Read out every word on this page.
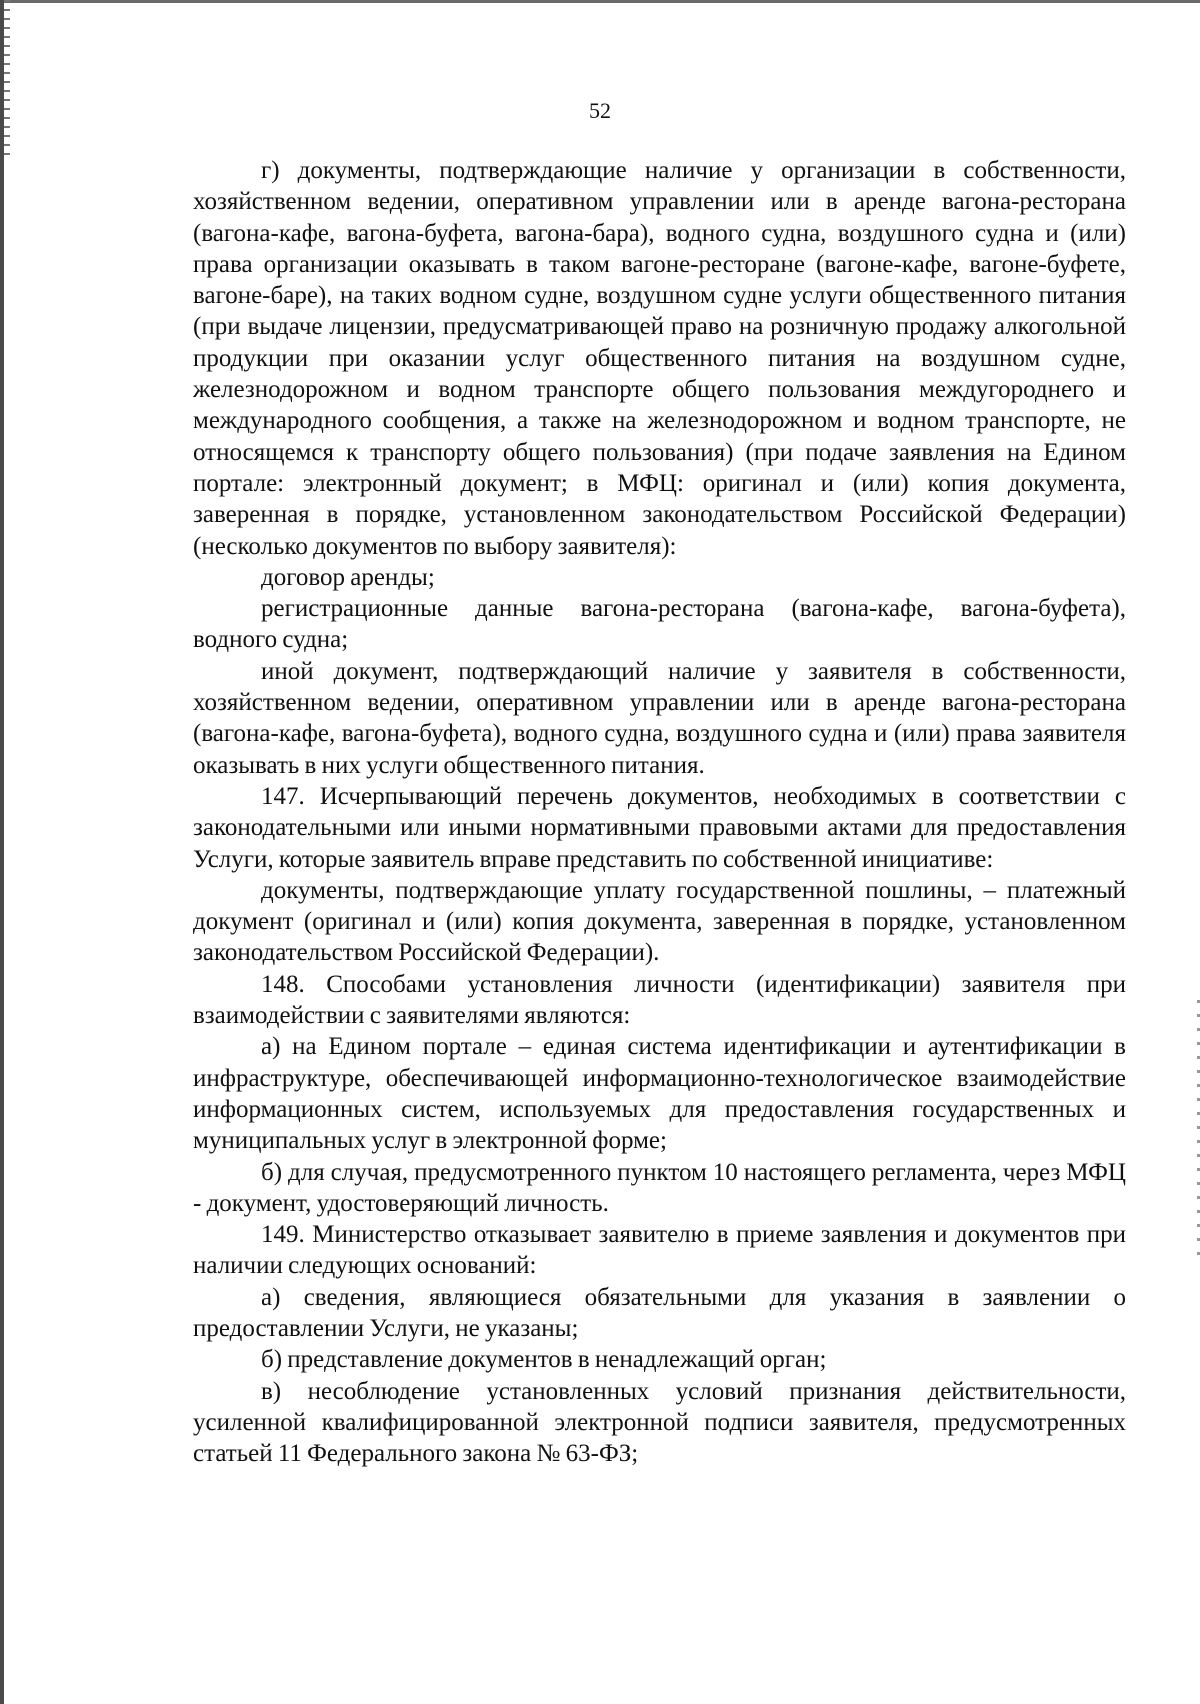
52

г) документы, подтверждающие наличие у организации в собственности, хозяйственном ведении, оперативном управлении или в аренде вагона-ресторана (вагона-кафе, вагона-буфета, вагона-бара), водного судна, воздушного судна и (или) права организации оказывать в таком вагоне-ресторане (вагоне-кафе, вагоне-буфете, вагоне-баре), на таких водном судне, воздушном судне услуги общественного питания (при выдаче лицензии, предусматривающей право на розничную продажу алкогольной продукции при оказании услуг общественного питания на воздушном судне, железнодорожном и водном транспорте общего пользования междугороднего и международного сообщения, а также на железнодорожном и водном транспорте, не относящемся к транспорту общего пользования) (при подаче заявления на Едином портале: электронный документ; в МФЦ: оригинал и (или) копия документа, заверенная в порядке, установленном законодательством Российской Федерации) (несколько документов по выбору заявителя):

договор аренды;

регистрационные данные вагона-ресторана (вагона-кафе, вагона-буфета), водного судна;

иной документ, подтверждающий наличие у заявителя в собственности, хозяйственном ведении, оперативном управлении или в аренде вагона-ресторана (вагона-кафе, вагона-буфета), водного судна, воздушного судна и (или) права заявителя оказывать в них услуги общественного питания.

147. Исчерпывающий перечень документов, необходимых в соответствии с законодательными или иными нормативными правовыми актами для предоставления Услуги, которые заявитель вправе представить по собственной инициативе:

документы, подтверждающие уплату государственной пошлины, – платежный документ (оригинал и (или) копия документа, заверенная в порядке, установленном законодательством Российской Федерации).

148. Способами установления личности (идентификации) заявителя при взаимодействии с заявителями являются:

а) на Едином портале – единая система идентификации и аутентификации в инфраструктуре, обеспечивающей информационно-технологическое взаимодействие информационных систем, используемых для предоставления государственных и муниципальных услуг в электронной форме;

б) для случая, предусмотренного пунктом 10 настоящего регламента, через МФЦ - документ, удостоверяющий личность.

149. Министерство отказывает заявителю в приеме заявления и документов при наличии следующих оснований:

а) сведения, являющиеся обязательными для указания в заявлении о предоставлении Услуги, не указаны;

б) представление документов в ненадлежащий орган;

в) несоблюдение установленных условий признания действительности, усиленной квалифицированной электронной подписи заявителя, предусмотренных статьей 11 Федерального закона № 63-ФЗ;
